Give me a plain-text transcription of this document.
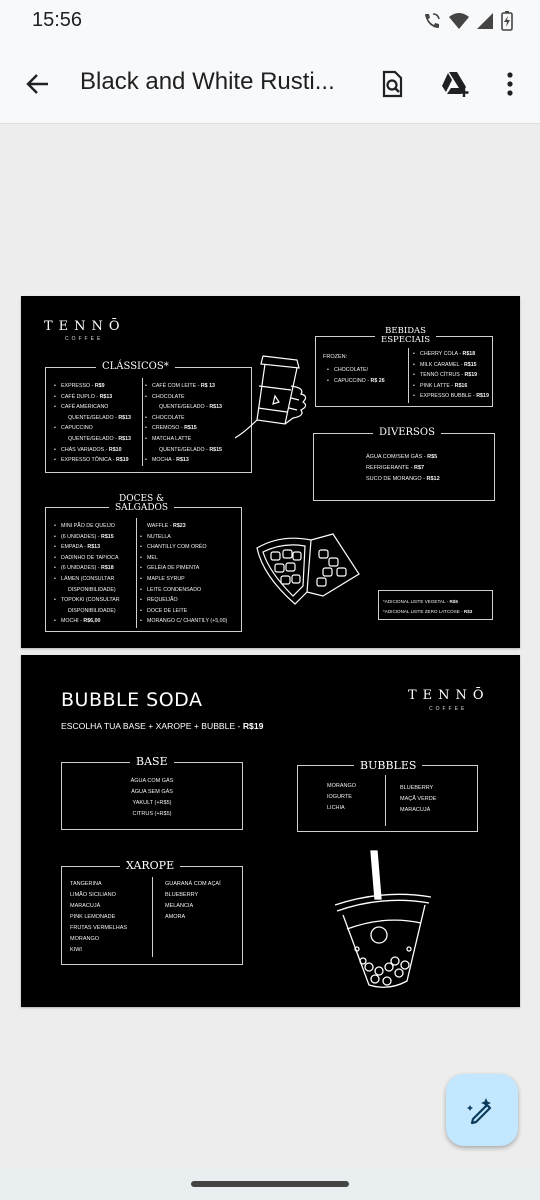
15:56
Black and White Rusti...
TENNŌ
COFFEE
CLÁSSICOS*
• EXPRESSO - R$9
• CAFÉ DUPLO - R$13
• CAFÉ AMERICANO
QUENTE/GELADO - R$13
• CAPUCCINO
QUENTE/GELADO - R$13
• CHÁS VARIADOS - R$10
• EXPRESSO TÔNICA - R$19
• CAFÉ COM LEITE - R$ 13
• CHOCOLATE
QUENTE/GELADO - R$13
• CHOCOLATE
• CREMOSO - R$15
• MATCHA LATTE
QUENTE/GELADO - R$15
• MOCHA - R$13
BEBIDAS
ESPECIAIS
FROZEN:
• CHOCOLATE/
• CAPUCCINO - R$ 26
• CHERRY COLA - R$18
• MILK CARAMEL - R$15
• TENNŌ CÍTRUS - R$19
• PINK LATTE - R$16
• EXPRESSO BUBBLE - R$19
DIVERSOS
ÁGUA COM/SEM GÁS - R$5
REFRIGERANTE - R$7
SUCO DE MORANGO - R$12
DOCES &
SALGADOS
• MINI PÃO DE QUEIJO
• (6 UNIDADES) - R$15
• EMPADA - R$13
• DADINHO DE TAPIOCA
• (6 UNIDADES) - R$18
• LÁMEN (CONSULTAR
DISPONIBILIDADE)
• TOPOKKI (CONSULTAR
DISPONIBILIDADE)
• MOCHI - R$6,00
WAFFLE - R$23
• NUTELLA
• CHANTILLY COM ORÉO
• MEL
• GELÉIA DE PIMENTA
• MAPLE SYRUP
• LEITE CONDENSADO
• REQUEIJÃO
• DOCE DE LEITE
• MORANGO C/ CHANTILY (+5,00)
*ADICIONAL LEITE VEGETAL - R$5
*ADICIONAL LEITE ZERO LATCOSE - R$3
BUBBLE SODA
ESCOLHA TUA BASE + XAROPE + BUBBLE - R$19
TENNŌ
COFFEE
BASE
ÁGUA COM GÁS
ÁGUA SEM GÁS
YAKULT (+R$5)
CITRUS (+R$5)
BUBBLES
MORANGO
IOGURTE
LICHIA
BLUEBERRY
MAÇÃ VERDE
MARACUJÁ
XAROPE
TANGERINA
LIMÃO SICILIANO
MARACUJÁ
PINK LEMONADE
FRUTAS VERMELHAS
MORANGO
KIWI
GUARANÁ COM AÇAÍ
BLUEBERRY
MELANCIA
AMORA
